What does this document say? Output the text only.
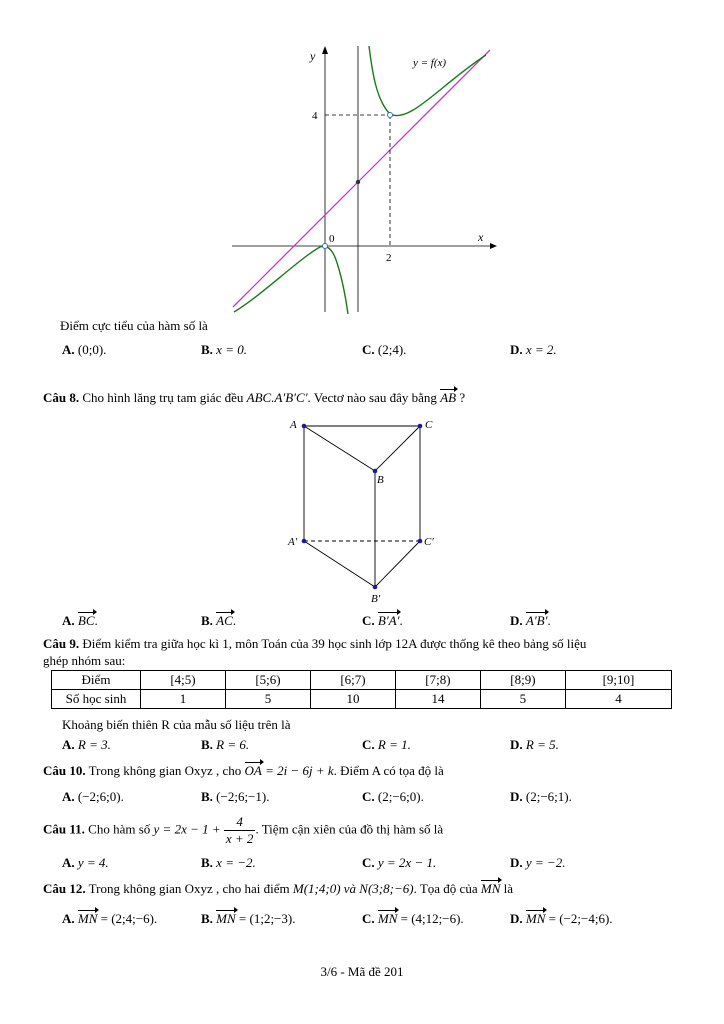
y
x
0
2
4
y = f(x)
Điểm cực tiểu của hàm số là
A. (0;0).	B. x = 0.	C. (2;4).	D. x = 2.
Câu 8. Cho hình lăng trụ tam giác đều ABC.A′B′C′. Vectơ nào sau đây bằng AB ?
A	C
B
A′	C′
B′
A. BC.	B. AC.	C. B′A′.	D. A′B′.
Câu 9. Điểm kiểm tra giữa học kì 1, môn Toán của 39 học sinh lớp 12A được thống kê theo bảng số liệu
ghép nhóm sau:
Điểm	[4;5)	[5;6)	[6;7)	[7;8)	[8;9)	[9;10]
Số học sinh	1	5	10	14	5	4
Khoảng biến thiên R của mẫu số liệu trên là
A. R = 3.	B. R = 6.	C. R = 1.	D. R = 5.
Câu 10. Trong không gian Oxyz , cho OA = 2i − 6j + k. Điểm A có tọa độ là
A. (−2;6;0).	B. (−2;6;−1).	C. (2;−6;0).	D. (2;−6;1).
Câu 11. Cho hàm số $y = 2x - 1 + \frac{4}{x + 2}$ . Tiệm cận xiên của đồ thị hàm số là
A. y = 4.	B. x = −2.	C. y = 2x − 1.	D. y = −2.
Câu 12. Trong không gian Oxyz , cho hai điểm M(1;4;0) và N(3;8;−6). Tọa độ của MN là
A. MN = (2;4;−6).	B. MN = (1;2;−3).	C. MN = (4;12;−6).	D. MN = (−2;−4;6).
3/6 - Mã đề 201
